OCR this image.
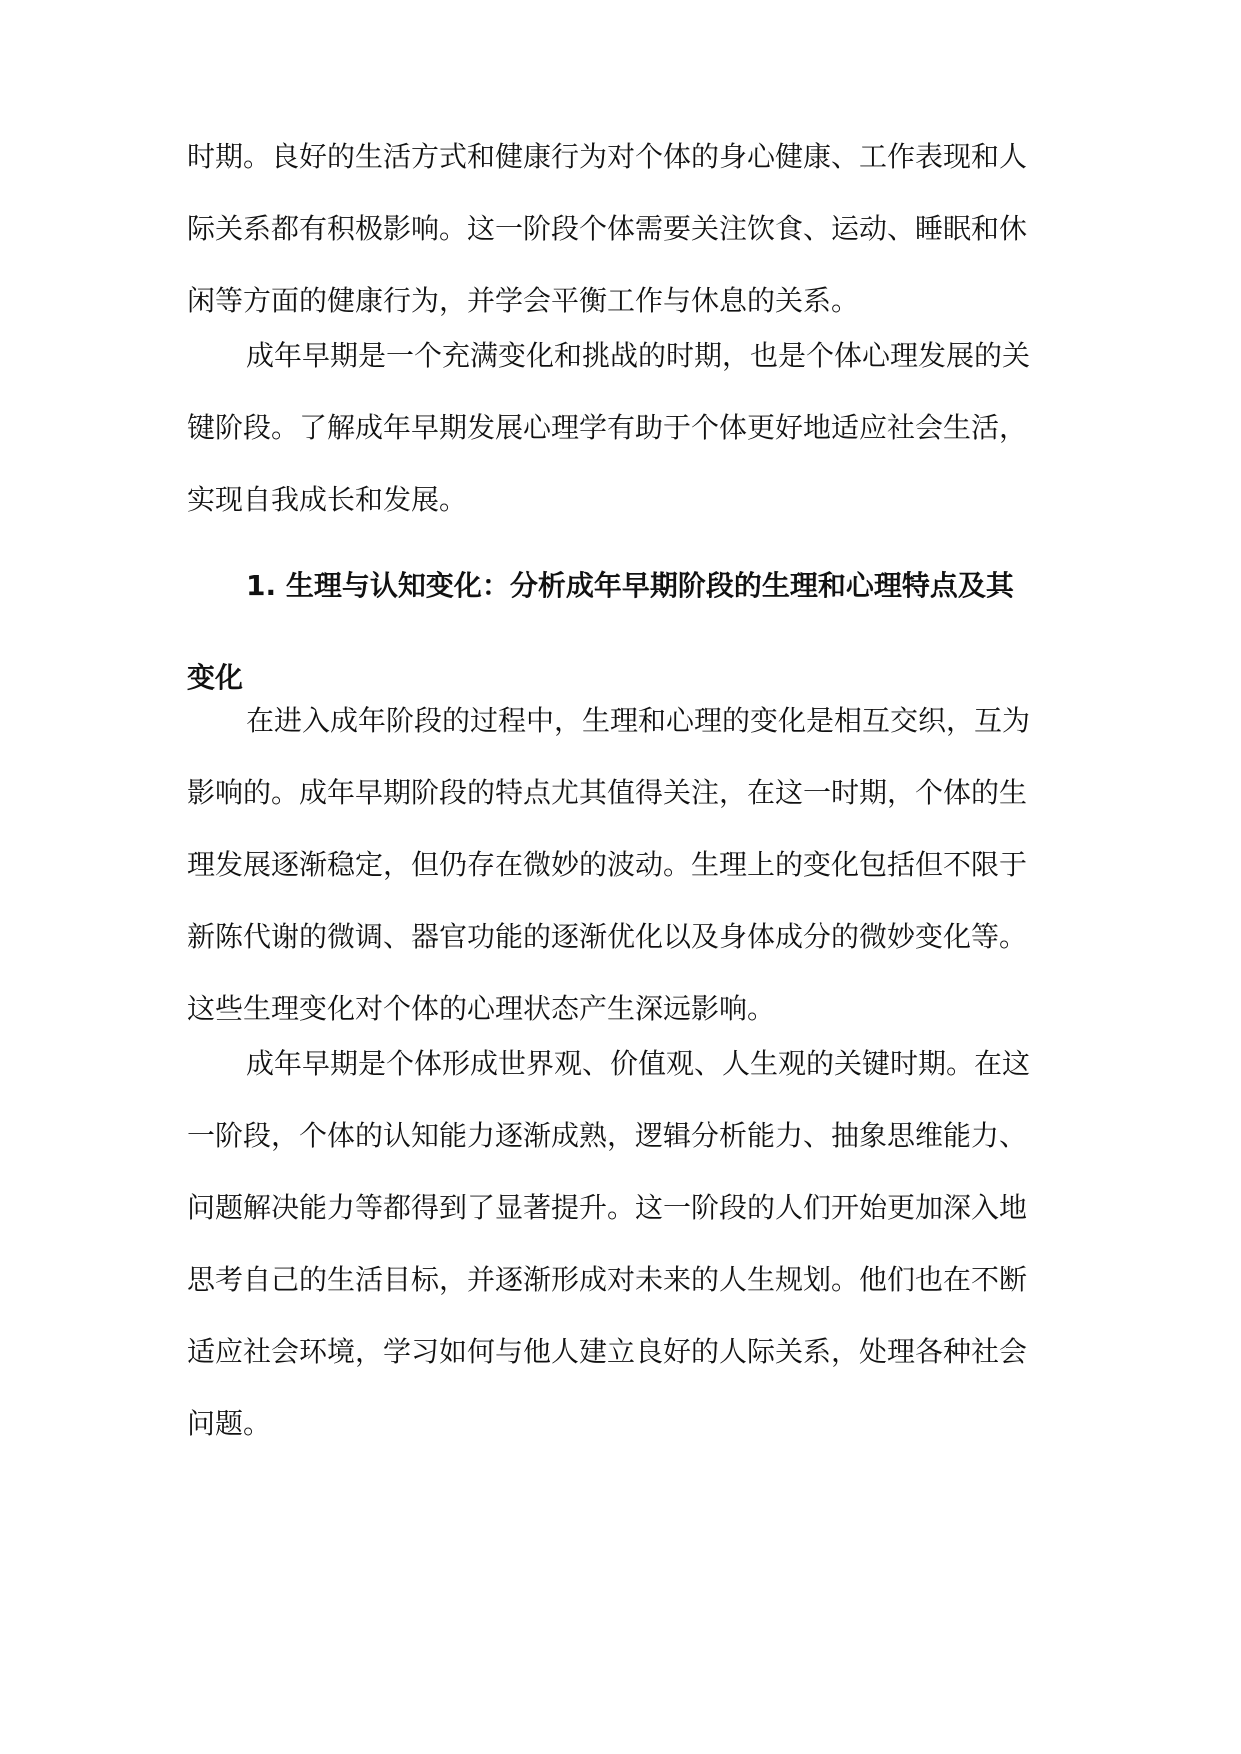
时期。良好的生活方式和健康行为对个体的身心健康、工作表现和人
际关系都有积极影响。这一阶段个体需要关注饮食、运动、睡眠和休
闲等方面的健康行为，并学会平衡工作与休息的关系。
成年早期是一个充满变化和挑战的时期，也是个体心理发展的关
键阶段。了解成年早期发展心理学有助于个体更好地适应社会生活，
实现自我成长和发展。
1. 生理与认知变化：分析成年早期阶段的生理和心理特点及其
变化
在进入成年阶段的过程中，生理和心理的变化是相互交织，互为
影响的。成年早期阶段的特点尤其值得关注，在这一时期，个体的生
理发展逐渐稳定，但仍存在微妙的波动。生理上的变化包括但不限于
新陈代谢的微调、器官功能的逐渐优化以及身体成分的微妙变化等。
这些生理变化对个体的心理状态产生深远影响。
成年早期是个体形成世界观、价值观、人生观的关键时期。在这
一阶段，个体的认知能力逐渐成熟，逻辑分析能力、抽象思维能力、
问题解决能力等都得到了显著提升。这一阶段的人们开始更加深入地
思考自己的生活目标，并逐渐形成对未来的人生规划。他们也在不断
适应社会环境，学习如何与他人建立良好的人际关系，处理各种社会
问题。
